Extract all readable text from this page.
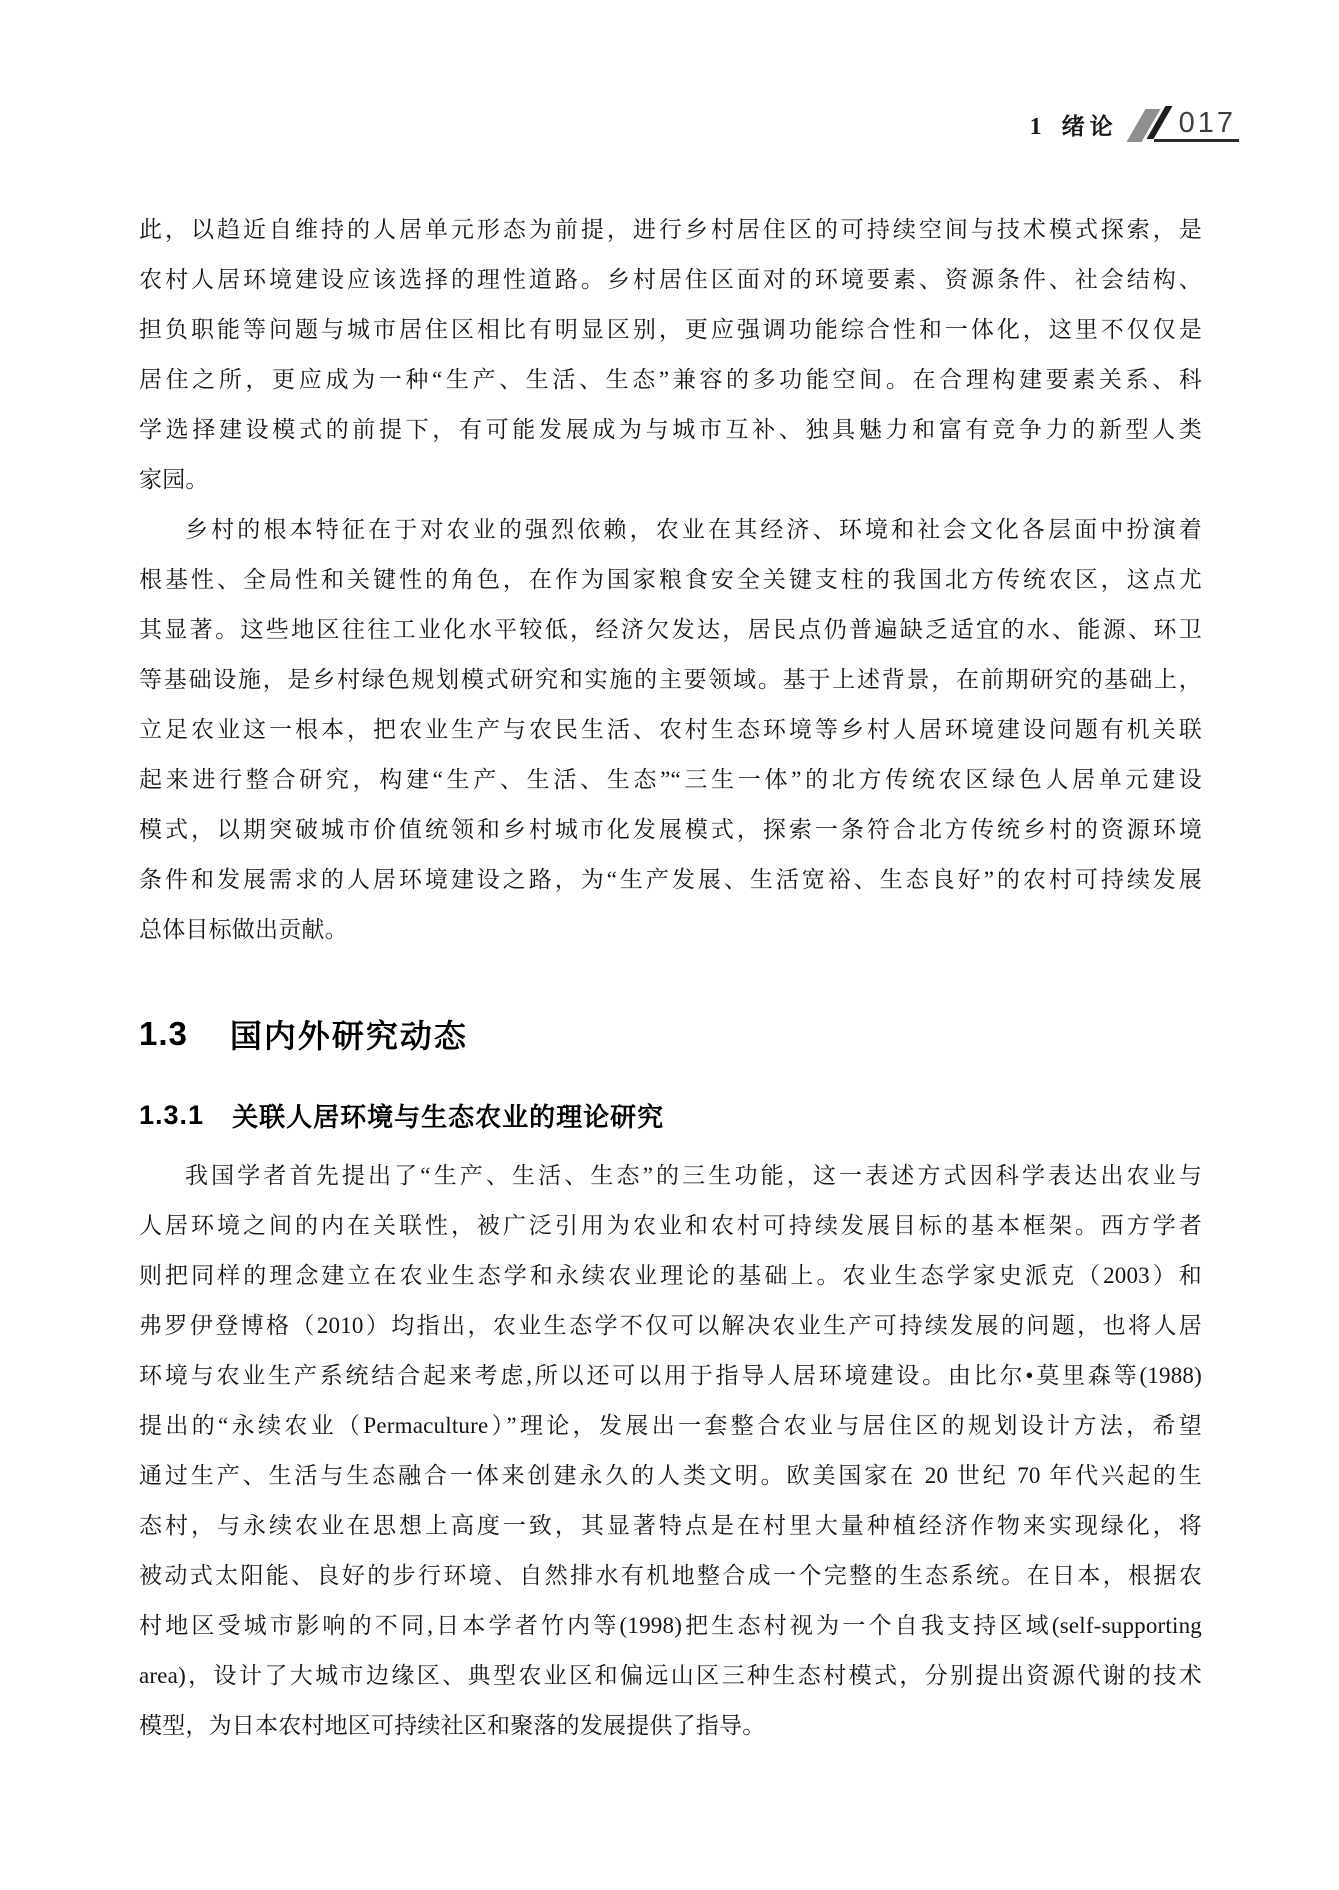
1 绪论 017
此，以趋近自维持的人居单元形态为前提，进行乡村居住区的可持续空间与技术模式探索，是
农村人居环境建设应该选择的理性道路。乡村居住区面对的环境要素、资源条件、社会结构、
担负职能等问题与城市居住区相比有明显区别，更应强调功能综合性和一体化，这里不仅仅是
居住之所，更应成为一种“生产、生活、生态”兼容的多功能空间。在合理构建要素关系、科
学选择建设模式的前提下，有可能发展成为与城市互补、独具魅力和富有竞争力的新型人类
家园。
乡村的根本特征在于对农业的强烈依赖，农业在其经济、环境和社会文化各层面中扮演着
根基性、全局性和关键性的角色，在作为国家粮食安全关键支柱的我国北方传统农区，这点尤
其显著。这些地区往往工业化水平较低，经济欠发达，居民点仍普遍缺乏适宜的水、能源、环卫
等基础设施，是乡村绿色规划模式研究和实施的主要领域。基于上述背景，在前期研究的基础上，
立足农业这一根本，把农业生产与农民生活、农村生态环境等乡村人居环境建设问题有机关联
起来进行整合研究，构建“生产、生活、生态”“三生一体”的北方传统农区绿色人居单元建设
模式，以期突破城市价值统领和乡村城市化发展模式，探索一条符合北方传统乡村的资源环境
条件和发展需求的人居环境建设之路，为“生产发展、生活宽裕、生态良好”的农村可持续发展
总体目标做出贡献。
1.3 国内外研究动态
1.3.1 关联人居环境与生态农业的理论研究
我国学者首先提出了“生产、生活、生态”的三生功能，这一表述方式因科学表达出农业与
人居环境之间的内在关联性，被广泛引用为农业和农村可持续发展目标的基本框架。西方学者
则把同样的理念建立在农业生态学和永续农业理论的基础上。农业生态学家史派克（2003）和
弗罗伊登博格（2010）均指出，农业生态学不仅可以解决农业生产可持续发展的问题，也将人居
环境与农业生产系统结合起来考虑,所以还可以用于指导人居环境建设。由比尔•莫里森等(1988)
提出的“永续农业（Permaculture）”理论，发展出一套整合农业与居住区的规划设计方法，希望
通过生产、生活与生态融合一体来创建永久的人类文明。欧美国家在 20 世纪 70 年代兴起的生
态村，与永续农业在思想上高度一致，其显著特点是在村里大量种植经济作物来实现绿化，将
被动式太阳能、良好的步行环境、自然排水有机地整合成一个完整的生态系统。在日本，根据农
村地区受城市影响的不同,日本学者竹内等(1998)把生态村视为一个自我支持区域(self-supporting
area)，设计了大城市边缘区、典型农业区和偏远山区三种生态村模式，分别提出资源代谢的技术
模型，为日本农村地区可持续社区和聚落的发展提供了指导。
